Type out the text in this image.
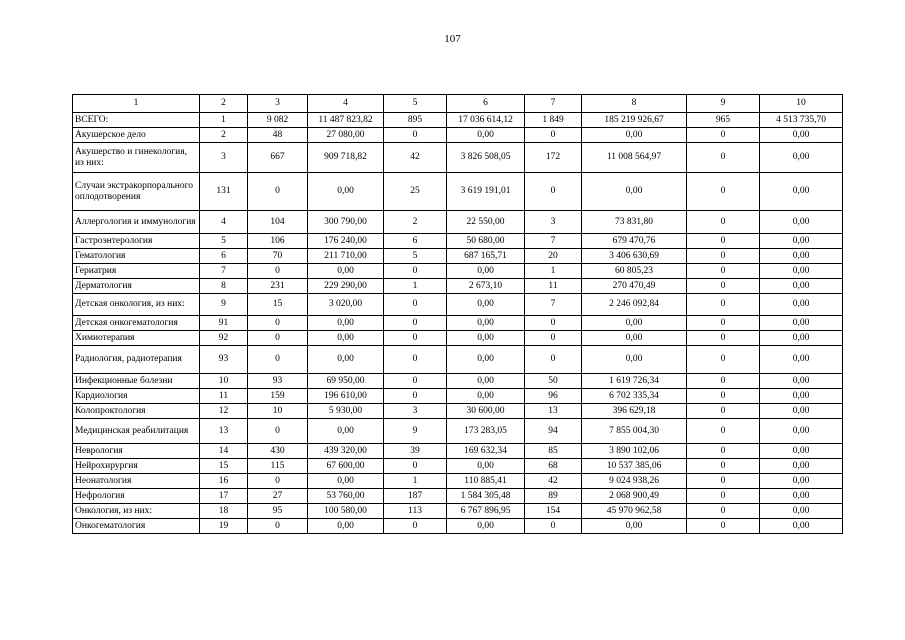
107
1	2	3	4	5	6	7	8	9	10
ВСЕГО:	1	9 082	11 487 823,82	895	17 036 614,12	1 849	185 219 926,67	965	4 513 735,70
Акушерское дело	2	48	27 080,00	0	0,00	0	0,00	0	0,00
Акушерство и гинекология, из них:	3	667	909 718,82	42	3 826 508,05	172	11 008 564,97	0	0,00
Случаи экстракорпорального оплодотворения	131	0	0,00	25	3 619 191,01	0	0,00	0	0,00
Аллергология и иммунология	4	104	300 790,00	2	22 550,00	3	73 831,80	0	0,00
Гастроэнтерология	5	106	176 240,00	6	50 680,00	7	679 470,76	0	0,00
Гематология	6	70	211 710,00	5	687 165,71	20	3 406 630,69	0	0,00
Гериатрия	7	0	0,00	0	0,00	1	60 805,23	0	0,00
Дерматология	8	231	229 290,00	1	2 673,10	11	270 470,49	0	0,00
Детская онкология, из них:	9	15	3 020,00	0	0,00	7	2 246 092,84	0	0,00
Детская онкогематология	91	0	0,00	0	0,00	0	0,00	0	0,00
Химиотерапия	92	0	0,00	0	0,00	0	0,00	0	0,00
Радиология, радиотерапия	93	0	0,00	0	0,00	0	0,00	0	0,00
Инфекционные болезни	10	93	69 950,00	0	0,00	50	1 619 726,34	0	0,00
Кардиология	11	159	196 610,00	0	0,00	96	6 702 335,34	0	0,00
Колопроктология	12	10	5 930,00	3	30 600,00	13	396 629,18	0	0,00
Медицинская реабилитация	13	0	0,00	9	173 283,05	94	7 855 004,30	0	0,00
Неврология	14	430	439 320,00	39	169 632,34	85	3 890 102,06	0	0,00
Нейрохирургия	15	115	67 600,00	0	0,00	68	10 537 385,06	0	0,00
Неонатология	16	0	0,00	1	110 885,41	42	9 024 938,26	0	0,00
Нефрология	17	27	53 760,00	187	1 584 305,48	89	2 068 900,49	0	0,00
Онкология, из них:	18	95	100 580,00	113	6 767 896,95	154	45 970 962,58	0	0,00
Онкогематология	19	0	0,00	0	0,00	0	0,00	0	0,00
